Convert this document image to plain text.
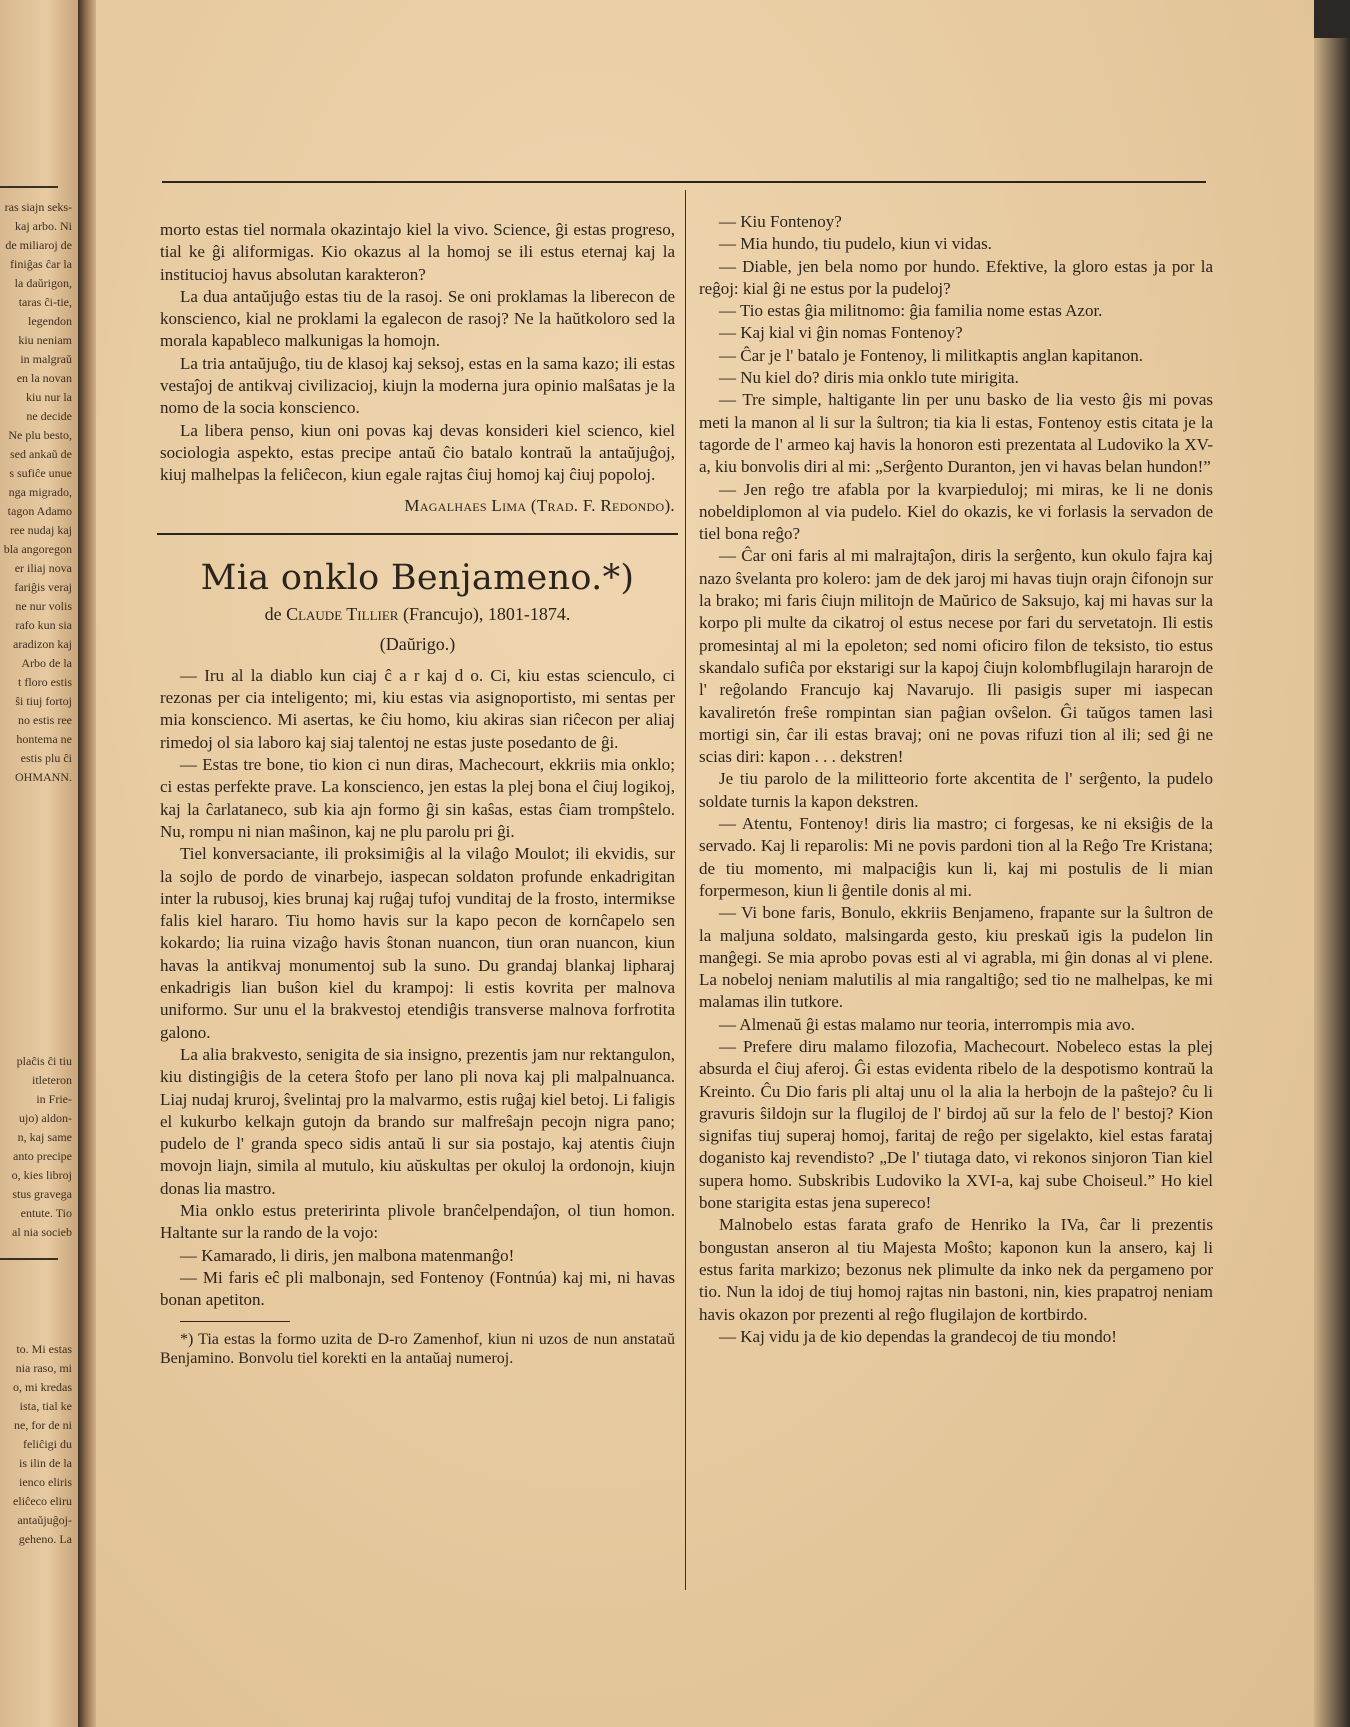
ras siajn seks-
kaj arbo. Ni
de miliaroj de
finiĝas ĉar la
la daŭrigon,
taras ĉi-tie,
legendon
kiu neniam
in malgraŭ
en la novan
kiu nur la
ne decide
Ne plu besto,
sed ankaŭ de
s sufiĉe unue
nga migrado,
tagon Adamo
ree nudaj kaj
bla angoregon
er iliaj nova
fariĝis veraj
ne nur volis
rafo kun sia
aradizon kaj
Arbo de la
t floro estis
ŝi tiuj fortoj
no estis ree
hontema ne
estis plu ĉi
OHMANN.
plaĉis ĉi tiu
itleteron
in Frie-
ujo) aldon-
n, kaj same
anto precipe
o, kies libroj
stus gravega
entute. Tio
al nia socieb
to. Mi estas
nia raso, mi
o, mi kredas
ista, tial ke
ne, for de ni
feliĉigi du
is ilin de la
ienco eliris
eliĉeco eliru
antaŭjuĝoj-
geheno. La

morto estas tiel normala okazintajo kiel la vivo. Science, ĝi estas progreso, tial ke ĝi aliformigas. Kio okazus al la homoj se ili estus eternaj kaj la institucioj havus absolutan karakteron?

La dua antaŭjuĝo estas tiu de la rasoj. Se oni proklamas la liberecon de konscienco, kial ne proklami la egalecon de rasoj? Ne la haŭtkoloro sed la morala kapableco malkunigas la homojn.

La tria antaŭjuĝo, tiu de klasoj kaj seksoj, estas en la sama kazo; ili estas vestaĵoj de antikvaj civilizacioj, kiujn la moderna jura opinio malŝatas je la nomo de la socia konscienco.

La libera penso, kiun oni povas kaj devas konsideri kiel scienco, kiel sociologia aspekto, estas precipe antaŭ ĉio batalo kontraŭ la antaŭjuĝoj, kiuj malhelpas la feliĉecon, kiun egale rajtas ĉiuj homoj kaj ĉiuj popoloj.

Magalhaes Lima (Trad. F. Redondo).

Mia onklo Benjameno.*)

de Claude Tillier (Francujo), 1801-1874.

(Daŭrigo.)

— Iru al la diablo kun ciaj ĉ a r kaj d o. Ci, kiu estas scienculo, ci rezonas per cia inteligento; mi, kiu estas via asignoportisto, mi sentas per mia konscienco. Mi asertas, ke ĉiu homo, kiu akiras sian riĉecon per aliaj rimedoj ol sia laboro kaj siaj talentoj ne estas juste posedanto de ĝi.

— Estas tre bone, tio kion ci nun diras, Machecourt, ekkriis mia onklo; ci estas perfekte prave. La konscienco, jen estas la plej bona el ĉiuj logikoj, kaj la ĉarlataneco, sub kia ajn formo ĝi sin kaŝas, estas ĉiam trompŝtelo. Nu, rompu ni nian maŝinon, kaj ne plu parolu pri ĝi.

Tiel konversaciante, ili proksimiĝis al la vilaĝo Moulot; ili ekvidis, sur la sojlo de pordo de vinarbejo, iaspecan soldaton profunde enkadrigitan inter la rubusoj, kies brunaj kaj ruĝaj tufoj vunditaj de la frosto, intermikse falis kiel hararo. Tiu homo havis sur la kapo pecon de kornĉapelo sen kokardo; lia ruina vizaĝo havis ŝtonan nuancon, tiun oran nuancon, kiun havas la antikvaj monumentoj sub la suno. Du grandaj blankaj lipharaj enkadrigis lian buŝon kiel du krampoj: li estis kovrita per malnova uniformo. Sur unu el la brakvestoj etendiĝis transverse malnova forfrotita galono.

La alia brakvesto, senigita de sia insigno, prezentis jam nur rektangulon, kiu distingiĝis de la cetera ŝtofo per lano pli nova kaj pli malpalnuanca. Liaj nudaj kruroj, ŝvelintaj pro la malvarmo, estis ruĝaj kiel betoj. Li faligis el kukurbo kelkajn gutojn da brando sur malfreŝajn pecojn nigra pano; pudelo de l' granda speco sidis antaŭ li sur sia postajo, kaj atentis ĉiujn movojn liajn, simila al mutulo, kiu aŭskultas per okuloj la ordonojn, kiujn donas lia mastro.

Mia onklo estus preteririnta plivole branĉelpendaĵon, ol tiun homon. Haltante sur la rando de la vojo:

— Kamarado, li diris, jen malbona matenmanĝo!

— Mi faris eĉ pli malbonajn, sed Fontenoy (Fontnúa) kaj mi, ni havas bonan apetiton.

*) Tia estas la formo uzita de D-ro Zamenhof, kiun ni uzos de nun anstataŭ Benjamino. Bonvolu tiel korekti en la antaŭaj numeroj.

— Kiu Fontenoy?

— Mia hundo, tiu pudelo, kiun vi vidas.

— Diable, jen bela nomo por hundo. Efektive, la gloro estas ja por la reĝoj: kial ĝi ne estus por la pudeloj?

— Tio estas ĝia militnomo: ĝia familia nome estas Azor.

— Kaj kial vi ĝin nomas Fontenoy?

— Ĉar je l' batalo je Fontenoy, li militkaptis anglan kapitanon.

— Nu kiel do? diris mia onklo tute mirigita.

— Tre simple, haltigante lin per unu basko de lia vesto ĝis mi povas meti la manon al li sur la ŝultron; tia kia li estas, Fontenoy estis citata je la tagorde de l' armeo kaj havis la honoron esti prezentata al Ludoviko la XV-a, kiu bonvolis diri al mi: „Serĝento Duranton, jen vi havas belan hundon!”

— Jen reĝo tre afabla por la kvarpieduloj; mi miras, ke li ne donis nobeldiplomon al via pudelo. Kiel do okazis, ke vi forlasis la servadon de tiel bona reĝo?

— Ĉar oni faris al mi malrajtaĵon, diris la serĝento, kun okulo fajra kaj nazo ŝvelanta pro kolero: jam de dek jaroj mi havas tiujn orajn ĉifonojn sur la brako; mi faris ĉiujn militojn de Maŭrico de Saksujo, kaj mi havas sur la korpo pli multe da cikatroj ol estus necese por fari du servetatojn. Ili estis promesintaj al mi la epoleton; sed nomi oficiro filon de teksisto, tio estus skandalo sufiĉa por ekstarigi sur la kapoj ĉiujn kolombflugilajn hararojn de l' reĝolando Francujo kaj Navarujo. Ili pasigis super mi iaspecan kavaliretón freŝe rompintan sian paĝian ovŝelon. Ĝi taŭgos tamen lasi mortigi sin, ĉar ili estas bravaj; oni ne povas rifuzi tion al ili; sed ĝi ne scias diri: kapon . . . dekstren!

Je tiu parolo de la militteorio forte akcentita de l' serĝento, la pudelo soldate turnis la kapon dekstren.

— Atentu, Fontenoy! diris lia mastro; ci forgesas, ke ni eksiĝis de la servado. Kaj li reparolis: Mi ne povis pardoni tion al la Reĝo Tre Kristana; de tiu momento, mi malpaciĝis kun li, kaj mi postulis de li mian forpermeson, kiun li ĝentile donis al mi.

— Vi bone faris, Bonulo, ekkriis Benjameno, frapante sur la ŝultron de la maljuna soldato, malsingarda gesto, kiu preskaŭ igis la pudelon lin manĝegi. Se mia aprobo povas esti al vi agrabla, mi ĝin donas al vi plene. La nobeloj neniam malutilis al mia rangaltiĝo; sed tio ne malhelpas, ke mi malamas ilin tutkore.

— Almenaŭ ĝi estas malamo nur teoria, interrompis mia avo.

— Prefere diru malamo filozofia, Machecourt. Nobeleco estas la plej absurda el ĉiuj aferoj. Ĝi estas evidenta ribelo de la despotismo kontraŭ la Kreinto. Ĉu Dio faris pli altaj unu ol la alia la herbojn de la paŝtejo? ĉu li gravuris ŝildojn sur la flugiloj de l' birdoj aŭ sur la felo de l' bestoj? Kion signifas tiuj superaj homoj, faritaj de reĝo per sigelakto, kiel estas farataj doganisto kaj revendisto? „De l' tiutaga dato, vi rekonos sinjoron Tian kiel supera homo. Subskribis Ludoviko la XVI-a, kaj sube Choiseul.” Ho kiel bone starigita estas jena supereco!

Malnobelo estas farata grafo de Henriko la IVa, ĉar li prezentis bongustan anseron al tiu Majesta Moŝto; kaponon kun la ansero, kaj li estus farita markizo; bezonus nek plimulte da inko nek da pergameno por tio. Nun la idoj de tiuj homoj rajtas nin bastoni, nin, kies prapatroj neniam havis okazon por prezenti al reĝo flugilajon de kortbirdo.

— Kaj vidu ja de kio dependas la grandecoj de tiu mondo!
